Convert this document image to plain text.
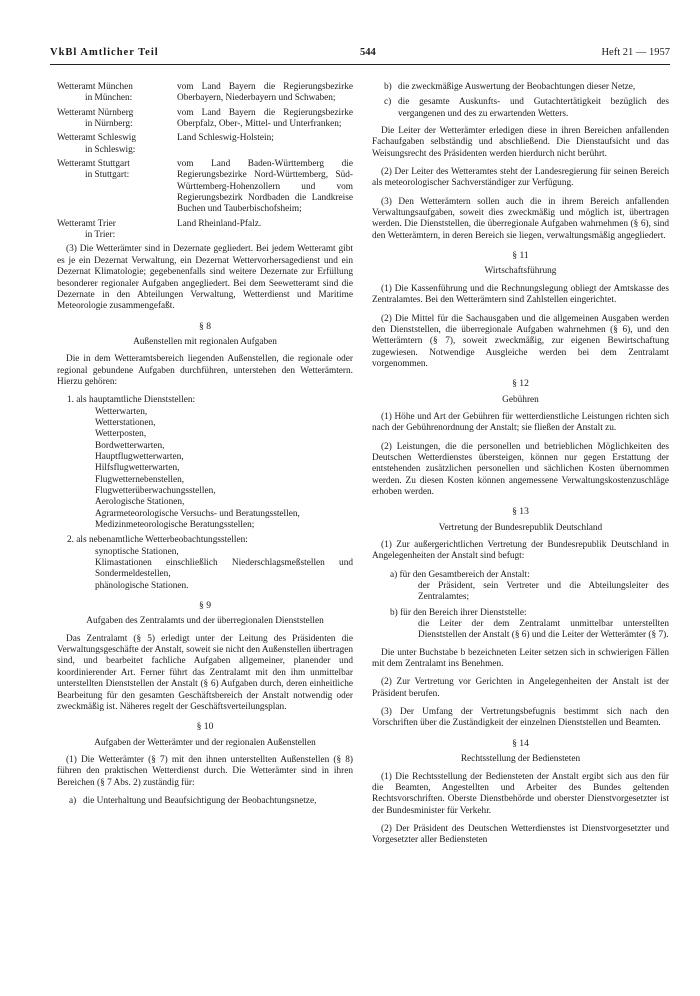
VkBl Amtlicher Teil	544	Heft 21 — 1957
Wetteramt München
in München:
vom Land Bayern die Regierungsbezirke Oberbayern, Niederbayern und Schwaben;
Wetteramt Nürnberg
in Nürnberg:
vom Land Bayern die Regierungsbezirke Oberpfalz, Ober-, Mittel- und Unterfranken;
Wetteramt Schleswig
in Schleswig:
Land Schleswig-Holstein;
Wetteramt Stuttgart
in Stuttgart:
vom Land Baden-Württemberg die Regierungsbezirke Nord-Württemberg, Süd-Württemberg-Hohenzollern und vom Regierungsbezirk Nordbaden die Landkreise Buchen und Tauberbischofsheim;
Wetteramt Trier
in Trier:
Land Rheinland-Pfalz.

(3) Die Wetterämter sind in Dezernate gegliedert. Bei jedem Wetteramt gibt es je ein Dezernat Verwaltung, ein Dezernat Wettervorhersagedienst und ein Dezernat Klimatologie; gegebenenfalls sind weitere Dezernate zur Erfüllung besonderer regionaler Aufgaben angegliedert. Bei dem Seewetteramt sind die Dezernate in den Abteilungen Verwaltung, Wetterdienst und Maritime Meteorologie zusammengefaßt.

§ 8
Außenstellen mit regionalen Aufgaben

Die in dem Wetteramtsbereich liegenden Außenstellen, die regionale oder regional gebundene Aufgaben durchführen, unterstehen den Wetterämtern. Hierzu gehören:

1. als hauptamtliche Dienststellen:
Wetterwarten,
Wetterstationen,
Wetterposten,
Bordwetterwarten,
Hauptflugwetterwarten,
Hilfsflugwetterwarten,
Flugwetternebenstellen,
Flugwetterüberwachungsstellen,
Aerologische Stationen,
Agrarmeteorologische Versuchs- und Beratungsstellen,
Medizinmeteorologische Beratungsstellen;
2. als nebenamtliche Wetterbeobachtungsstellen:
synoptische Stationen,
Klimastationen einschließlich Niederschlagsmeßstellen und Sondermeldestellen,
phänologische Stationen.
§ 9
Aufgaben des Zentralamts und der überregionalen Dienststellen

Das Zentralamt (§ 5) erledigt unter der Leitung des Präsidenten die Verwaltungsgeschäfte der Anstalt, soweit sie nicht den Außenstellen übertragen sind, und bearbeitet fachliche Aufgaben allgemeiner, planender und koordinierender Art. Ferner führt das Zentralamt mit den ihm unmittelbar unterstellten Dienststellen der Anstalt (§ 6) Aufgaben durch, deren einheitliche Bearbeitung für den gesamten Geschäftsbereich der Anstalt notwendig oder zweckmäßig ist. Näheres regelt der Geschäftsverteilungsplan.

§ 10
Aufgaben der Wetterämter und der regionalen Außenstellen

(1) Die Wetterämter (§ 7) mit den ihnen unterstellten Außenstellen (§ 8) führen den praktischen Wetterdienst durch. Die Wetterämter sind in ihren Bereichen (§ 7 Abs. 2) zuständig für:

a) die Unterhaltung und Beaufsichtigung der Beobachtungsnetze,
b) die zweckmäßige Auswertung der Beobachtungen dieser Netze,
c) die gesamte Auskunfts- und Gutachtertätigkeit bezüglich des vergangenen und des zu erwartenden Wetters.

Die Leiter der Wetterämter erledigen diese in ihren Bereichen anfallenden Fachaufgaben selbständig und abschließend. Die Dienstaufsicht und das Weisungsrecht des Präsidenten werden hierdurch nicht berührt.

(2) Der Leiter des Wetteramtes steht der Landesregierung für seinen Bereich als meteorologischer Sachverständiger zur Verfügung.

(3) Den Wetterämtern sollen auch die in ihrem Bereich anfallenden Verwaltungsaufgaben, soweit dies zweckmäßig und möglich ist, übertragen werden. Die Dienststellen, die überregionale Aufgaben wahrnehmen (§ 6), sind den Wetterämtern, in deren Bereich sie liegen, verwaltungsmäßig angegliedert.

§ 11
Wirtschaftsführung

(1) Die Kassenführung und die Rechnungslegung obliegt der Amtskasse des Zentralamtes. Bei den Wetterämtern sind Zahlstellen eingerichtet.

(2) Die Mittel für die Sachausgaben und die allgemeinen Ausgaben werden den Dienststellen, die überregionale Aufgaben wahrnehmen (§ 6), und den Wetterämtern (§ 7), soweit zweckmäßig, zur eigenen Bewirtschaftung zugewiesen. Notwendige Ausgleiche werden bei dem Zentralamt vorgenommen.

§ 12
Gebühren

(1) Höhe und Art der Gebühren für wetterdienstliche Leistungen richten sich nach der Gebührenordnung der Anstalt; sie fließen der Anstalt zu.

(2) Leistungen, die die personellen und betrieblichen Möglichkeiten des Deutschen Wetterdienstes übersteigen, können nur gegen Erstattung der entstehenden zusätzlichen personellen und sächlichen Kosten übernommen werden. Zu diesen Kosten können angemessene Verwaltungskostenzuschläge erhoben werden.

§ 13
Vertretung der Bundesrepublik Deutschland

(1) Zur außergerichtlichen Vertretung der Bundesrepublik Deutschland in Angelegenheiten der Anstalt sind befugt:

a) für den Gesamtbereich der Anstalt:
der Präsident, sein Vertreter und die Abteilungsleiter des Zentralamtes;
b) für den Bereich ihrer Dienststelle:
die Leiter der dem Zentralamt unmittelbar unterstellten Dienststellen der Anstalt (§ 6) und die Leiter der Wetterämter (§ 7).

Die unter Buchstabe b bezeichneten Leiter setzen sich in schwierigen Fällen mit dem Zentralamt ins Benehmen.

(2) Zur Vertretung vor Gerichten in Angelegenheiten der Anstalt ist der Präsident berufen.

(3) Der Umfang der Vertretungsbefugnis bestimmt sich nach den Vorschriften über die Zuständigkeit der einzelnen Dienststellen und Beamten.

§ 14
Rechtsstellung der Bediensteten

(1) Die Rechtsstellung der Bediensteten der Anstalt ergibt sich aus den für die Beamten, Angestellten und Arbeiter des Bundes geltenden Rechtsvorschriften. Oberste Dienstbehörde und oberster Dienstvorgesetzter ist der Bundesminister für Verkehr.

(2) Der Präsident des Deutschen Wetterdienstes ist Dienstvorgesetzter und Vorgesetzter aller Bediensteten
